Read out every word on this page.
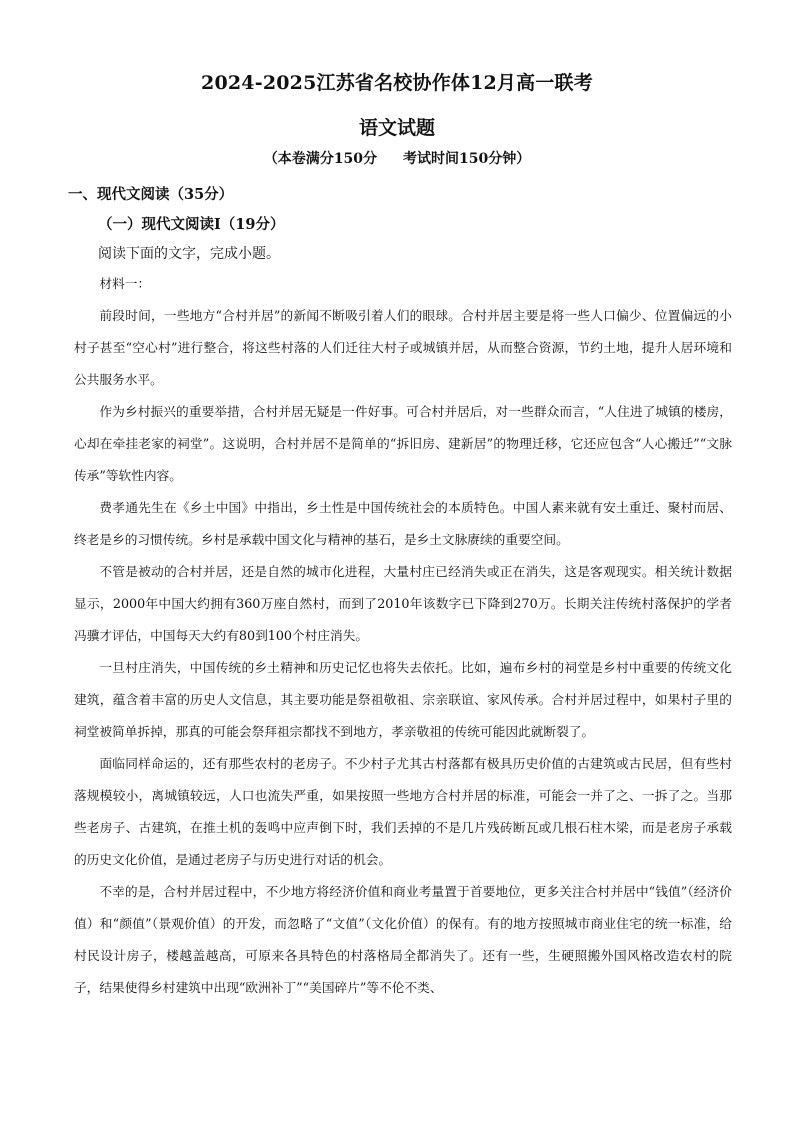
2024-2025江苏省名校协作体12月高一联考
语文试题
（本卷满分150分 考试时间150分钟）
一、现代文阅读（35分）
（一）现代文阅读Ⅰ（19分）
阅读下面的文字，完成小题。

材料一：

前段时间，一些地方“合村并居”的新闻不断吸引着人们的眼球。合村并居主要是将一些人口偏少、位置偏远的小村子甚至“空心村”进行整合，将这些村落的人们迁往大村子或城镇并居，从而整合资源，节约土地，提升人居环境和公共服务水平。

作为乡村振兴的重要举措，合村并居无疑是一件好事。可合村并居后，对一些群众而言，“人住进了城镇的楼房，心却在牵挂老家的祠堂”。这说明，合村并居不是简单的“拆旧房、建新居”的物理迁移，它还应包含“人心搬迁”“文脉传承”等软性内容。

费孝通先生在《乡土中国》中指出，乡土性是中国传统社会的本质特色。中国人素来就有安土重迁、聚村而居、终老是乡的习惯传统。乡村是承载中国文化与精神的基石，是乡土文脉赓续的重要空间。

不管是被动的合村并居，还是自然的城市化进程，大量村庄已经消失或正在消失，这是客观现实。相关统计数据显示，2000年中国大约拥有360万座自然村，而到了2010年该数字已下降到270万。长期关注传统村落保护的学者冯骥才评估，中国每天大约有80到100个村庄消失。

一旦村庄消失，中国传统的乡土精神和历史记忆也将失去依托。比如，遍布乡村的祠堂是乡村中重要的传统文化建筑，蕴含着丰富的历史人文信息，其主要功能是祭祖敬祖、宗亲联谊、家风传承。合村并居过程中，如果村子里的祠堂被简单拆掉，那真的可能会祭拜祖宗都找不到地方，孝亲敬祖的传统可能因此就断裂了。

面临同样命运的，还有那些农村的老房子。不少村子尤其古村落都有极具历史价值的古建筑或古民居，但有些村落规模较小，离城镇较远，人口也流失严重，如果按照一些地方合村并居的标准，可能会一并了之、一拆了之。当那些老房子、古建筑，在推土机的轰鸣中应声倒下时，我们丢掉的不是几片残砖断瓦或几根石柱木梁，而是老房子承载的历史文化价值，是通过老房子与历史进行对话的机会。

不幸的是，合村并居过程中，不少地方将经济价值和商业考量置于首要地位，更多关注合村并居中“钱值”（经济价值）和“颜值”（景观价值）的开发，而忽略了“文值”（文化价值）的保有。有的地方按照城市商业住宅的统一标准，给村民设计房子，楼越盖越高，可原来各具特色的村落格局全都消失了。还有一些，生硬照搬外国风格改造农村的院子，结果使得乡村建筑中出现“欧洲补丁”“美国碎片”等不伦不类、
